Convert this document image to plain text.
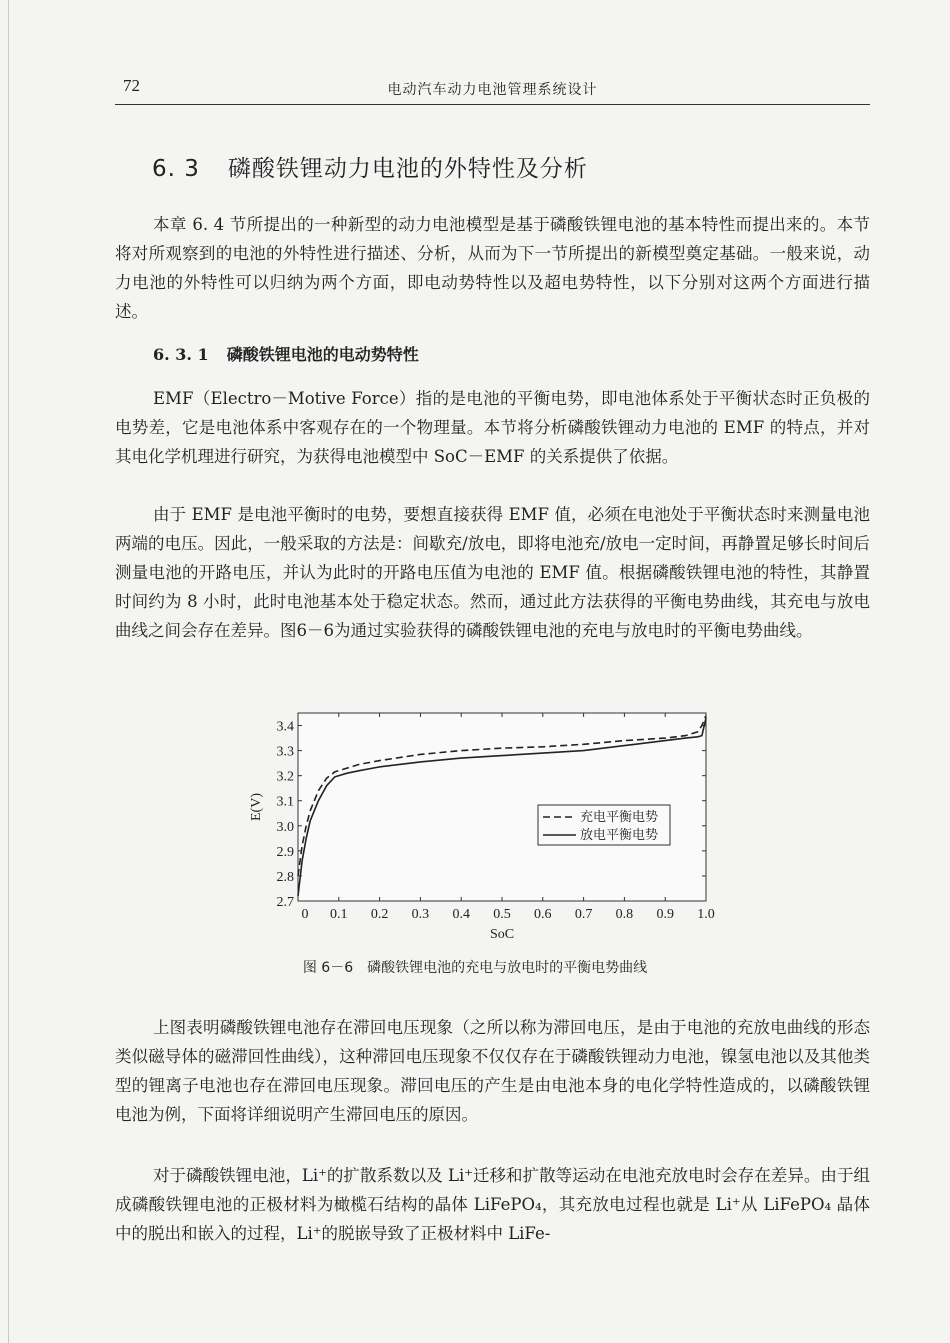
72	电动汽车动力电池管理系统设计
6. 3 磷酸铁锂动力电池的外特性及分析

本章 6. 4 节所提出的一种新型的动力电池模型是基于磷酸铁锂电池的基本特性而提出来的。本节将对所观察到的电池的外特性进行描述、分析，从而为下一节所提出的新模型奠定基础。一般来说，动力电池的外特性可以归纳为两个方面，即电动势特性以及超电势特性，以下分别对这两个方面进行描述。

6. 3. 1 磷酸铁锂电池的电动势特性

EMF（Electro－Motive Force）指的是电池的平衡电势，即电池体系处于平衡状态时正负极的电势差，它是电池体系中客观存在的一个物理量。本节将分析磷酸铁锂动力电池的 EMF 的特点，并对其电化学机理进行研究，为获得电池模型中 SoC－EMF 的关系提供了依据。

由于 EMF 是电池平衡时的电势，要想直接获得 EMF 值，必须在电池处于平衡状态时来测量电池两端的电压。因此，一般采取的方法是：间歇充/放电，即将电池充/放电一定时间，再静置足够长时间后测量电池的开路电压，并认为此时的开路电压值为电池的 EMF 值。根据磷酸铁锂电池的特性，其静置时间约为 8 小时，此时电池基本处于稳定状态。然而，通过此方法获得的平衡电势曲线，其充电与放电曲线之间会存在差异。图6－6为通过实验获得的磷酸铁锂电池的充电与放电时的平衡电势曲线。

0 0.1 0.2 0.3 0.4 0.5 0.6 0.7 0.8 0.9 1.0
2.7
2.8
2.9
3.0
3.1
3.2
3.3
3.4
SoC
E(V)	充电平衡电势
放电平衡电势
图 6－6 磷酸铁锂电池的充电与放电时的平衡电势曲线

上图表明磷酸铁锂电池存在滞回电压现象（之所以称为滞回电压，是由于电池的充放电曲线的形态类似磁导体的磁滞回性曲线），这种滞回电压现象不仅仅存在于磷酸铁锂动力电池，镍氢电池以及其他类型的锂离子电池也存在滞回电压现象。滞回电压的产生是由电池本身的电化学特性造成的，以磷酸铁锂电池为例，下面将详细说明产生滞回电压的原因。

对于磷酸铁锂电池，Li⁺的扩散系数以及 Li⁺迁移和扩散等运动在电池充放电时会存在差异。由于组成磷酸铁锂电池的正极材料为橄榄石结构的晶体 LiFePO₄，其充放电过程也就是 Li⁺从 LiFePO₄ 晶体中的脱出和嵌入的过程，Li⁺的脱嵌导致了正极材料中 LiFe-
